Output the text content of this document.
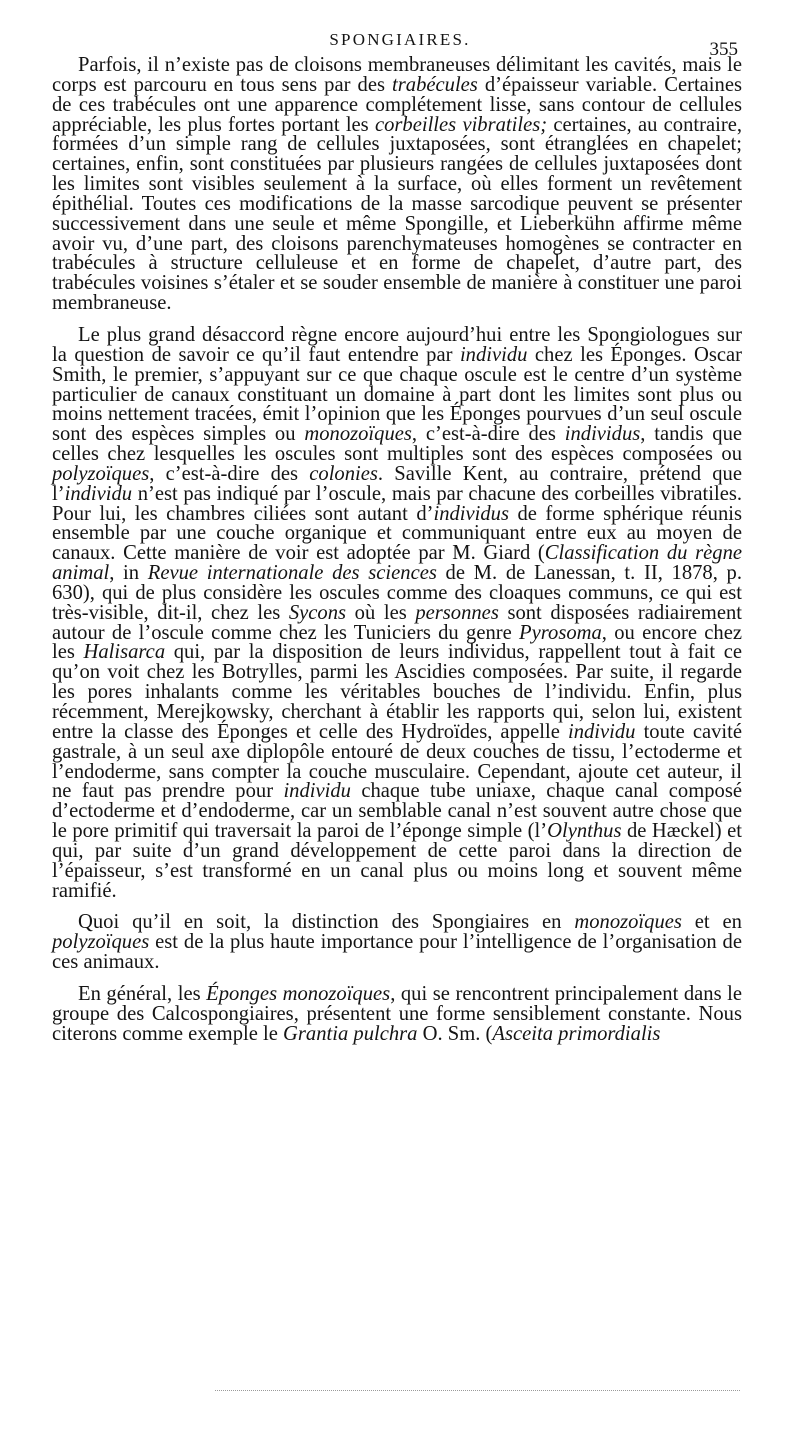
SPONGIAIRES.	355

Parfois, il n’existe pas de cloisons membraneuses délimitant les cavités, mais le corps est parcouru en tous sens par des trabécules d’épaisseur variable. Certaines de ces trabécules ont une apparence complétement lisse, sans contour de cellules appréciable, les plus fortes portant les corbeilles vibratiles; certaines, au contraire, formées d’un simple rang de cellules juxtaposées, sont étranglées en chapelet; certaines, enfin, sont constituées par plusieurs rangées de cellules juxtaposées dont les limites sont visibles seulement à la surface, où elles forment un revêtement épithélial. Toutes ces modifications de la masse sarcodique peuvent se présenter successivement dans une seule et même Spongille, et Lieberkühn affirme même avoir vu, d’une part, des cloisons parenchymateuses homogènes se contracter en trabécules à structure celluleuse et en forme de chapelet, d’autre part, des trabécules voisines s’étaler et se souder ensemble de manière à constituer une paroi membraneuse.

Le plus grand désaccord règne encore aujourd’hui entre les Spongiologues sur la question de savoir ce qu’il faut entendre par individu chez les Éponges. Oscar Smith, le premier, s’appuyant sur ce que chaque oscule est le centre d’un système particulier de canaux constituant un domaine à part dont les limites sont plus ou moins nettement tracées, émit l’opinion que les Éponges pourvues d’un seul oscule sont des espèces simples ou monozoïques, c’est-à-dire des individus, tandis que celles chez lesquelles les oscules sont multiples sont des espèces composées ou polyzoïques, c’est-à-dire des colonies. Saville Kent, au contraire, prétend que l’individu n’est pas indiqué par l’oscule, mais par chacune des corbeilles vibratiles. Pour lui, les chambres ciliées sont autant d’individus de forme sphérique réunis ensemble par une couche organique et communiquant entre eux au moyen de canaux. Cette manière de voir est adoptée par M. Giard (Classification du règne animal, in Revue internationale des sciences de M. de Lanessan, t. II, 1878, p. 630), qui de plus considère les oscules comme des cloaques communs, ce qui est très-visible, dit-il, chez les Sycons où les personnes sont disposées radiairement autour de l’oscule comme chez les Tuniciers du genre Pyrosoma, ou encore chez les Halisarca qui, par la disposition de leurs individus, rappellent tout à fait ce qu’on voit chez les Botrylles, parmi les Ascidies composées. Par suite, il regarde les pores inhalants comme les véritables bouches de l’individu. Enfin, plus récemment, Merejkowsky, cherchant à établir les rapports qui, selon lui, existent entre la classe des Éponges et celle des Hydroïdes, appelle individu toute cavité gastrale, à un seul axe diplopôle entouré de deux couches de tissu, l’ectoderme et l’endoderme, sans compter la couche musculaire. Cependant, ajoute cet auteur, il ne faut pas prendre pour individu chaque tube uniaxe, chaque canal composé d’ectoderme et d’endoderme, car un semblable canal n’est souvent autre chose que le pore primitif qui traversait la paroi de l’éponge simple (l’Olynthus de Hæckel) et qui, par suite d’un grand développement de cette paroi dans la direction de l’épaisseur, s’est transformé en un canal plus ou moins long et souvent même ramifié.

Quoi qu’il en soit, la distinction des Spongiaires en monozoïques et en polyzoïques est de la plus haute importance pour l’intelligence de l’organisation de ces animaux.

En général, les Éponges monozoïques, qui se rencontrent principalement dans le groupe des Calcospongiaires, présentent une forme sensiblement constante. Nous citerons comme exemple le Grantia pulchra O. Sm. (Asceita primordialis
